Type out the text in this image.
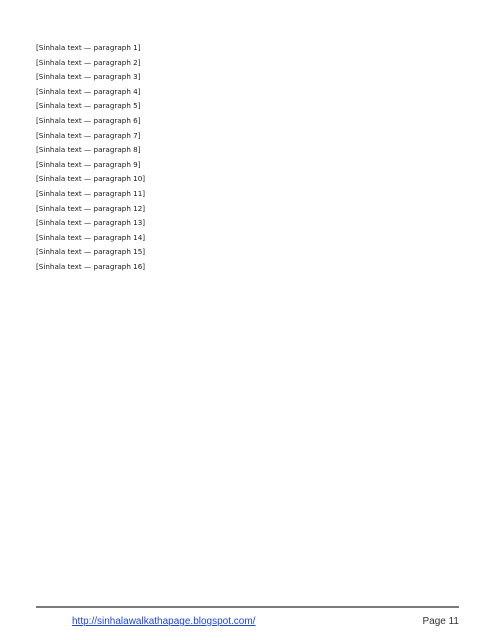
[Sinhala text — paragraph 1]

[Sinhala text — paragraph 2]

[Sinhala text — paragraph 3]

[Sinhala text — paragraph 4]

[Sinhala text — paragraph 5]

[Sinhala text — paragraph 6]

[Sinhala text — paragraph 7]

[Sinhala text — paragraph 8]

[Sinhala text — paragraph 9]

[Sinhala text — paragraph 10]

[Sinhala text — paragraph 11]

[Sinhala text — paragraph 12]

[Sinhala text — paragraph 13]

[Sinhala text — paragraph 14]

[Sinhala text — paragraph 15]

[Sinhala text — paragraph 16]

http://sinhalawalkathapage.blogspot.com/	Page 11
